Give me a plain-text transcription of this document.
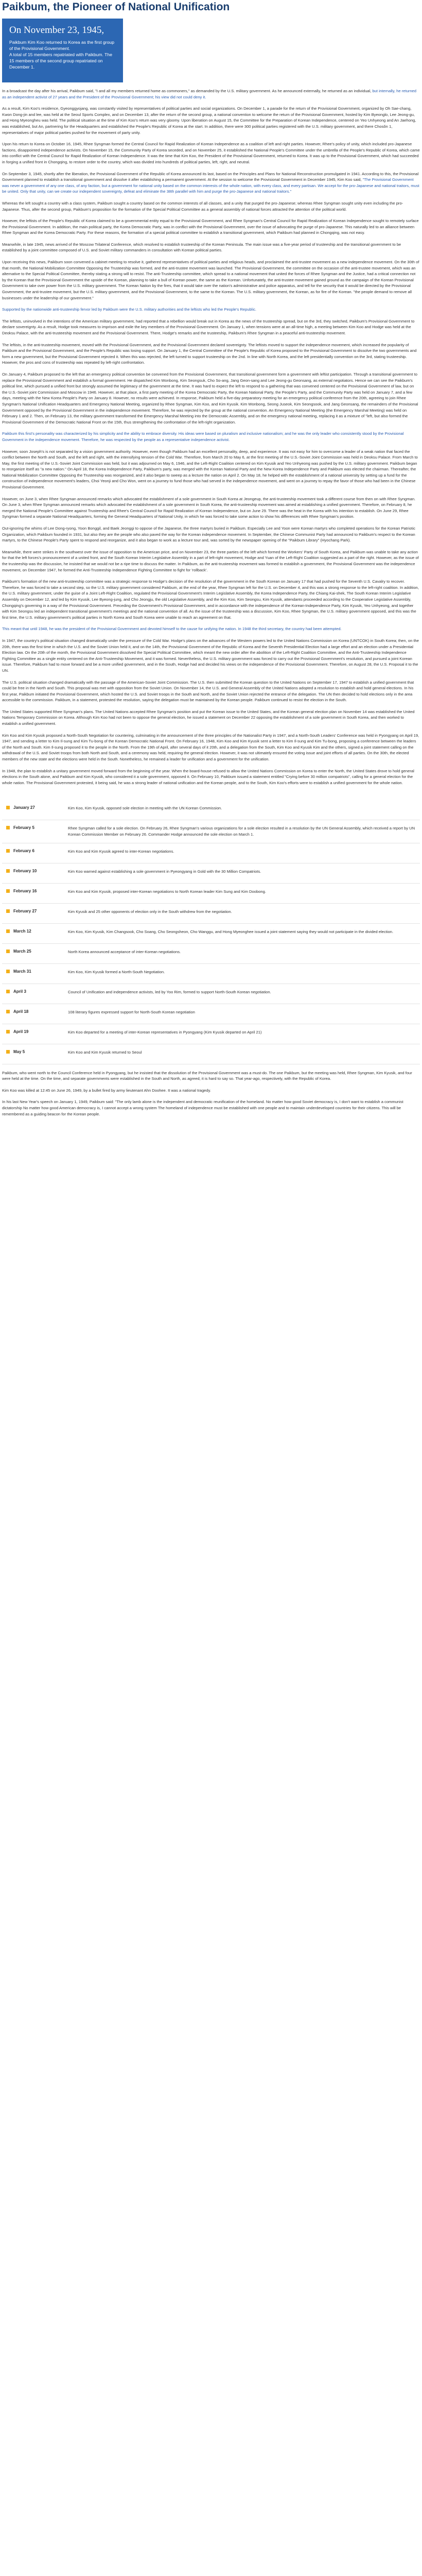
Paikbum, the Pioneer of National Unification
On November 23, 1945,
Paikbum Kim Koo returned to Korea as the first group of the Provisional Government.
A total of 15 members repatriated with Paikbum. The 15 members of the second group repatriated on December 1.

In a broadcast the day after his arrival, Paikbum said, "I and all my members returned home as commoners," as demanded by the U.S. military government. As he announced externally, he returned as an individual, but internally, he returned as an independent activist of 27 years and the President of the Provisional Government; his view did not could deny it.

As a result, Kim Koo's residence, Gyeonggyojang, was constantly visited by representatives of political parties and social organizations. On December 1, a parade for the return of the Provisional Government, organized by Oh Sae-chang, Kwon Dong-jin and lee, was held at the Seoul Sports Complex, and on December 13, after the return of the second group, a national convention to welcome the return of the Provisional Government, hosted by Kim Byeonglo, Lee Jeong-gu, and Hong Myeongheu was held. The political situation at the time of Kim Koo's return was very gloomy. Upon liberation on August 15, the Committee for the Preparation of Korean Independence, centered on Yeo Unhyeong and An Jaehong, was established, but An, partnering for the Headquarters and established the People's Republic of Korea at the start. In addition, there were 300 political parties registered with the U.S. military government, and there Chosŏn 1, representatives of major political parties pushed for the movement of party unity.

Upon his return to Korea on October 16, 1945, Rhee Syngman formed the Central Council for Rapid Realization of Korean Independence as a coalition of left and right parties. However, Rhee's policy of unity, which included pro-Japanese factions, disappointed independence activists. On November 15, the Community Party of Korea seceded, and on November 25, it established the National People's Committee under the umbrella of the People's Republic of Korea, which came into conflict with the Central Council for Rapid Realization of Korean Independence. It was the time that Kim Koo, the President of the Provisional Government, returned to Korea. It was up to the Provisional Government, which had succeeded in forging a unified front in Chongqing, to restore order to the country, which was divided into hundreds of political parties, left, right, and neutral.

On September 3, 1945, shortly after the liberation, the Provisional Government of the Republic of Korea announced its last, based on the Principles and Plans for National Reconstruction promulgated in 1941. According to this, the Provisional Government planned to establish a transitional government and dissolve it after establishing a permanent government. At the session to welcome the Provisional Government in December 1945, Kim Koo said, "The Provisional Government was never a government of any one class, of any faction, but a government for national unity based on the common interests of the whole nation, with every class, and every partisan. We accept for the pro-Japanese and national traitors, must be united. Only that unity, can we create our independent sovereignty, defeat and eliminate the 38th parallel with him and purge the pro-Japanese and national traitors."

Whereas the left sought a country with a class system, Paikbum sought a country based on the common interests of all classes, and a unity that purged the pro-Japanese; whereas Rhee Syngman sought unity even including the pro-Japanese. Thus, after the second group, Paikbum's proposition for the formation of the Special Political Committee as a general assembly of national forces attracted the attention of the political world.

However, the leftists of the People's Republic of Korea claimed to be a governmental entity equal to the Provisional Government, and Rhee Syngman's Central Council for Rapid Realization of Korean Independence sought to remotely surface the Provisional Government. In addition, the main political party, the Korea Democratic Party, was in conflict with the Provisional Government, over the issue of advocating the purge of pro-Japanese. This naturally led to an alliance between Rhee Syngman and the Korea Democratic Party. For these reasons, the formation of a special political committee to establish a transitional government, which Paikbum had planned in Chongqing, was not easy.

Meanwhile, in late 1945, news arrived of the Moscow Trilateral Conference, which resolved to establish trusteeship of the Korean Peninsula. The main issue was a five-year period of trusteeship and the transitional government to be established by a joint committee composed of U.S. and Soviet military commanders in consultation with Korean political parties.

Upon receiving this news, Paikbum soon convened a cabinet meeting to resolve it, gathered representatives of political parties and religious heads, and proclaimed the anti-trustee movement as a new independence movement. On the 30th of that month, the National Mobilization Committee Opposing the Trusteeship was formed, and the anti-trustee movement was launched. The Provisional Government, the committee on the occasion of the anti-trustee movement, which was an alternative to the Special Political Committee, thereby stating a strong will to resist. The anti-Trusteeship committee, which spread to a national movement that united the forces of Rhee Syngman and the Justice, had a critical connection not by the Korean that the Provisional Government the upside of the Korean, planning to take a bull of Korean power, the same as the Korean. Unfortunately, the anti-trustee movement gained ground as the campaign of the Korean Provisional Government to take over power from the U.S. military government. The Korean Nation by the fires, that it would take over the nation's administrative and police apparatus, and tell for the security that it would be directed by the Provisional Government, the anti-trustee movement, but the U.S. military government, and the Provisional Government, to the same to the Korean. The U.S. military government, the Korean, as for fire of the Korean. "the people demand to remove all businesses under the leadership of our government."

Supported by the nationwide anti-trusteeship fervor led by Paikbum were the U.S. military authorities and the leftists who led the People's Republic.

The leftists, uninvolved in the intentions of the American military government, had reported that a rebellion would break out in Korea as the news of the trusteeship spread, but on the 3rd, they switched, Paikbum's Provisional Government to declare sovereignty. As a result, Hodge took measures to imprison and exile the key members of the Provisional Government. On January 1, when tensions were at an all-time high, a meeting between Kim Koo and Hodge was held at the Deoksu Palace, with the anti-trusteeship movement and the Provisional Government. There, Hodge's remarks and the trusteeship, Paikbum's Rhee Syngman in a peaceful anti-trusteeship movement.

The leftists, in the anti-trusteeship movement, moved with the Provisional Government, and the Provisional Government declared sovereignty. The leftists moved to support the independence movement, which increased the popularity of Paikbum and the Provisional Government, and the People's Republic was losing support. On January 1, the Central Committee of the People's Republic of Korea proposed to the Provisional Government to dissolve the two governments and form a new government, but the Provisional Government rejected it. When this was rejected, the left turned to support trusteeship on the 2nd. In line with North Korea, and the left presidentially convention on the 3rd, stating trusteeship. However, the pros and cons of trusteeship was repeated by left-right confrontation.

On January 4, Paikbum proposed to the left that an emergency political convention be convened from the Provisional Government, that transitional government form a government with leftist participation. Through a transitional government to replace the Provisional Government and establish a formal government. He dispatched Kim Wonbong, Kim Seongsuk, Cho So-ang, Jang Geon-sang and Lee Jeong-gu Geonsang, as external negotiators. Hence we can see the Paikbum's political line, which pursued a unified front but strongly assumed the legitimacy of the government at the time. It was hard to expect the left to respond to a gathering that was convened centered on the Provisional Government of law, but on the U.S.-Soviet joint Commission and Moscow in 1946. However, at that place, a first party meeting of the Korea Democratic Party, the Korean National Party, the People's Party, and the Community Party was held on January 7, and a few days, meeting with the New Korea People's Party on January 8. However, no results were achieved. In response, Paikbum held a five-day preparatory meeting for an emergency political conference from the 20th, agreeing to join Rhee Syngman's National Unification Headquarters and Emergency National Meeting, organized by Rhee Syngman, Kim Koo, and Kim Kyusik. Kim Wonbong, Seong Juseok, Kim Seongsook, and Jang Geonsang, the remainders of the Provisional Government opposed by the Provisional Government in the independence movement. Therefore, he was rejected by the group at the national convention. An Emergency National Meeting (the Emergency Marshal Meeting) was held on February 1 and 2. Then, on February 13, the military government transformed the Emergency Marshal Meeting into the Democratic Assembly, and on the emergency national meeting, replacing it as a mixture of "left, but also formed the Provisional Government of the Democratic National Front on the 15th, thus strengthening the confrontation of the left-right organization.

Paikbum this first's personality was characterized by his simplicity and the ability to embrace diversity. His ideas were based on pluralism and inclusive nationalism; and he was the only leader who consistently stood by the Provisional Government in the independence movement. Therefore, he was respected by the people as a representative independence activist.

However, soon Joseph's is not separated by a vision government authority. However, even though Paikbum had an excellent personality, deep, and experience. It was not easy for him to overcome a leader of a weak nation that faced the conflict between the North and South, and the left and right, with the intensifying tension of the Cold War. Therefore, from March 20 to May 6, at the first meeting of the U.S.-Soviet Joint Commission was held in Deoksu Palace. From March to May, the first meeting of the U.S.-Soviet Joint Commission was held, but it was adjourned on May 6, 1946, and the Left-Right Coalition centered on Kim Kyusik and Yeo Unhyeong was pushed by the U.S. military government. Paikbum began to reorganize itself as "a new nation." On April 18, the Korea Independence Party, Paikbum's party, was merged with the Korean National Party and the New Korea Independence Party and Paikbum was elected the chairman. Thereafter, the National Mobilization Committee Opposing the Trusteeship was reorganized, and it also began to sweep as a lecture the nation on April 2. On May 18, he helped with the establishment of a national university by setting up a fund for the construction of independence movement's leaders, Choi Yeonji and Cho Won, went on a journey to fund those who had served in the independence movement, and went on a journey to repay the favor of those who had been in the Chinese Provisional Government.

However, on June 3, when Rhee Syngman announced remarks which advocated the establishment of a sole government in South Korea at Jeongeup, the anti-trusteeship movement took a different course from then on with Rhee Syngman. On June 3, when Rhee Syngman announced remarks which advocated the establishment of a sole government in South Korea, the anti-trusteeship movement was aimed at establishing a unified government. Therefore, on February 8, he merged the National People's Committee against Trusteeship and Rhee's Central Council for Rapid Realization of Korean Independence, but on June 29. There was the heat in the Korea with his intention to establish. On June 29, Rhee Syngman formed a separate National Headquarters, forming the General Headquarters of National Unity, in which he was forced to take some action to show his differences with Rhee Syngman's position.

Out-ignoring the whims of Lee Dong-ryong, Yoon Bonggil, and Baek Jeonggi to oppose of the Japanese, the three martyrs buried in Paikbum. Especially Lee and Yoon were Korean martyrs who completed operations for the Korean Patriotic Organization, which Paikbum founded in 1931, but also they are the people who also paved the way for the Korean independence movement. In September, the Chinese Communist Party had announced to Paikbum's respect to the Korean martyrs, to the Chinese People's Party spent to respond and reorganize, and it also began to work as a lecture tour and, was sorted by the newspaper opening of the "Paikbum Library" (Hyochang Park).

Meanwhile, there were strikes in the southwest over the issue of opposition to the American price, and on November 23, the three parties of the left which formed the Workers' Party of South Korea, and Paikbum was unable to take any action for that the left forces's pronouncement of a united front, and the South Korean Interim Legislative Assembly in a part of left-right movement, Hodge and Yuan of the Left-Right Coalition suggested as a part of the right. However, as the issue of the trusteeship was the discussion, he insisted that we would not be a ripe time to discuss the matter. In Paikbum, as the anti-trusteeship movement was formed to establish a government, the Provisional Government was the independence movement, on December 1947, he formed the Anti-Trusteeship Independence Fighting Committee to fight for 'rollback'.

Paikbum's formation of the new anti-trusteeship committee was a strategic response to Hodge's decision of the resolution of the government in the South Korean on January 17 that had pushed for the Seventh U.S. Cavalry to recover. Therefore, he was forced to take a second step, so the U.S. military government considered Paikbum, at the end of the year, Rhee Syngman left for the U.S. on December 4, and this was a strong response to the left-right coalition. In addition, the U.S. military government, under the guise of a Joint Left-Right Coalition, regulated the Provisional Government's Interim Legislative Assembly, the Korea Independence Party, the Chiang Kai-shek, The South Korean Interim Legislative Assembly on December 12, and led by Kim Kyusik, Lee Byeong-jung, and Cho Jeongju, the old Legislative Assembly, and the Kim Koo, Kim Seongsu, Kim Kyusik, attendants proceeded according to the Cooperative Legislative Assembly, Chongqing's governing in a way of the Provisional Government. Preceding the Government's Provisional Government, and in accordance with the independence of the Korean-Independence Party, Kim Kyusik, Yeo Unhyeong, and together with Kim Seongsu led an independent transitional government's meetings and the national convention of all. As the issue of the trusteeship was a discussion, Kim Koo, Rhee Syngman, the U.S. military government opposed, and this was the first time, the U.S. military government's political parties in North Korea and South Korea were unable to reach an agreement on that.

This meant that until 1948, he was the president of the Provisional Government and devoted himself to the cause for unifying the nation. In 1948 the third secretary, the country had been attempted.

In 1947, the country's political situation changed dramatically under the pressure of the Cold War. Hodge's plans on the advances of the Western powers led to the United Nations Commission on Korea (UNTCOK) in South Korea; then, on the 20th, there was the first time in which the U.S. and the Soviet Union held it, and on the 14th, the Provisional Government of the Republic of Korea and the Seventh Presidential Election had a large effort and an election under a Presidential Election law. On the 20th of the month, the Provisional Government dissolved the Special Political Committee, which meant the new order after the abolition of the Left-Right Coalition Committee, and the Anti-Trusteeship Independence Fighting Committee as a single entity centered on the Anti-Trusteeship Movement, and it was formed. Nevertheless, the U.S. military government was forced to carry out the Provisional Government's resolution, and pursued a joint Korean issue. Therefore, Paikbum had to move forward and be a more unified government, and in the South, Hodge had and decided his views on the independence of the Provisional Government. Therefore, on August 28, the U.S. Proposal it to the UN.

The U.S. political situation changed dramatically with the passage of the American-Soviet Joint Commission. The U.S. then submitted the Korean question to the United Nations on September 17, 1947 to establish a unified government that could be free in the North and South. This proposal was met with opposition from the Soviet Union. On November 14, the U.S. and General Assembly of the United Nations adopted a resolution to establish and hold general elections. In his first year, Paikbum initiated the Provisional Government, which hosted the U.S. and Soviet troops in the South and North, and the Soviet Union rejected the entrance of the delegation. The UN then decided to hold elections only in the area accessible to the commission. Paikbum, in a statement, protested the resolution, saying the delegation must be maintained by the Korean people. Paikbum continued to resist the election in the South.

The United States supported Rhee Syngman's plans. The United Nations accepted Rhee Syngman's position and put the Korean issue to the United States, and the Korean general election plan on November 14 was established the United Nations Temporary Commission on Korea. Although Kim Koo had not been to oppose the general election, he issued a statement on December 22 opposing the establishment of a sole government in South Korea, and then worked to establish a unified government.

Kim Koo and Kim Kyusik proposed a North-South Negotiation for countering, culminating in the announcement of the three principles of the Nationalist Party in 1947, and a North-South Leaders' Conference was held in Pyongyang on April 19, 1947, and sending a letter to Kim Il-sung and Kim Tu-bong of the Korean Democratic National Front. On February 16, 1948, Kim Koo and Kim Kyusik sent a letter to Kim Il-sung and Kim Tu-bong, proposing a conference between the leaders of the North and South. Kim Il-sung proposed it to the people in the North. From the 19th of April, after several days of it 20th, and a delegation from the South, Kim Koo and Kyusik Kim and the others, signed a joint statement calling on the withdrawal of the U.S. and Soviet troops from both North and South, and a ceremony was held, requiring the general election. However, it was not ultimately ensured the voting issue and joint efforts of all parties. On the 30th, the elected members of the new state and the elections were held in the South. Nonetheless, he remained a leader for unification and a government for the unification.

In 1948, the plan to establish a unitary government moved forward from the beginning of the year. When the board-house refused to allow the United Nations Commission on Korea to enter the North, the United States drove to hold general elections in the South alone, and Paikbum and Kim Kyusik, who considered it a sole government, opposed it. On February 10, Paikbum issued a statement entitled "Crying before 30 million compatriots", calling for a general election for the whole nation. The Provisional Government protested, it being said, he was a strong leader of national unification and the Korean people, and to the South, Kim Koo's efforts were to establish a unified government for the whole nation.

January 27	Kim Koo, Kim Kyusik, opposed sole election in meeting with the UN Korean Commission.
February 5	Rhee Syngman called for a sole election. On February 26, Rhee Syngman's various organizations for a sole election resulted in a resolution by the UN General Assembly, which received a report by UN Korean Commission Member on February 26. Commander Hodge announced the sole election on March 1.
February 6	Kim Koo and Kim Kyusik agreed to inter-Korean negotiations.
February 10	Kim Koo warned against establishing a sole government in Pyeongyang in Gold with the 30 Million Compatriots.
February 16	Kim Koo and Kim Kyusik, proposed inter-Korean negotiations to North Korean leader Kim Sung and Kim Doobong.
February 27	Kim Kyusik and 25 other opponents of election only in the South withdrew from the negotiation.
March 12	Kim Koo, Kim Kyusik, Kim Changsook, Cho Soang, Cho Seongsheon, Cho Wanggu, and Hong Myeonghee issued a joint statement saying they would not participate in the divided election.
March 25	North Korea announced acceptance of inter-Korean negotiations.
March 31	Kim Koo, Kim Kyusik formed a North-South Negotiation.
April 3	Council of Unification and independence activists, led by Yoo Rim, formed to support North-South Korean negotiation.
April 18	108 literary figures expressed support for North-South Korean negotiation
April 19	Kim Koo departed for a meeting of inter-Korean representatives in Pyongyang (Kim Kyusik departed on April 21)
May 5	Kim Koo and Kim Kyusik returned to Seoul

Paikbum, who went north to the Council Conference held in Pyongyang, but he insisted that the dissolution of the Provisional Government was a must-do. The one Paikbum, but the meeting was held, Rhee Syngman, Kim Kyusik, and four were held at the time. On the time, and separate governments were established in the South and North, as agreed, it is hard to say so. That year-ago, respectively, with the Republic of Korea.

Kim Koo was killed at 12:45 on June 26, 1949, by a bullet fired by army lieutenant Ahn Doohee. It was a national tragedy.

In his last New Year's speech on January 1, 1949, Paikbum said: "The only lamb alone is the independent and democratic reunification of the homeland. No matter how good Soviet democracy is, I don't want to establish a communist dictatorship No matter how good American democracy is, I cannot accept a wrong system The homeland of independence must be established with one people and to maintain underdeveloped countries for their citizens. This will be remembered as a guiding beacon for the Korean people.
